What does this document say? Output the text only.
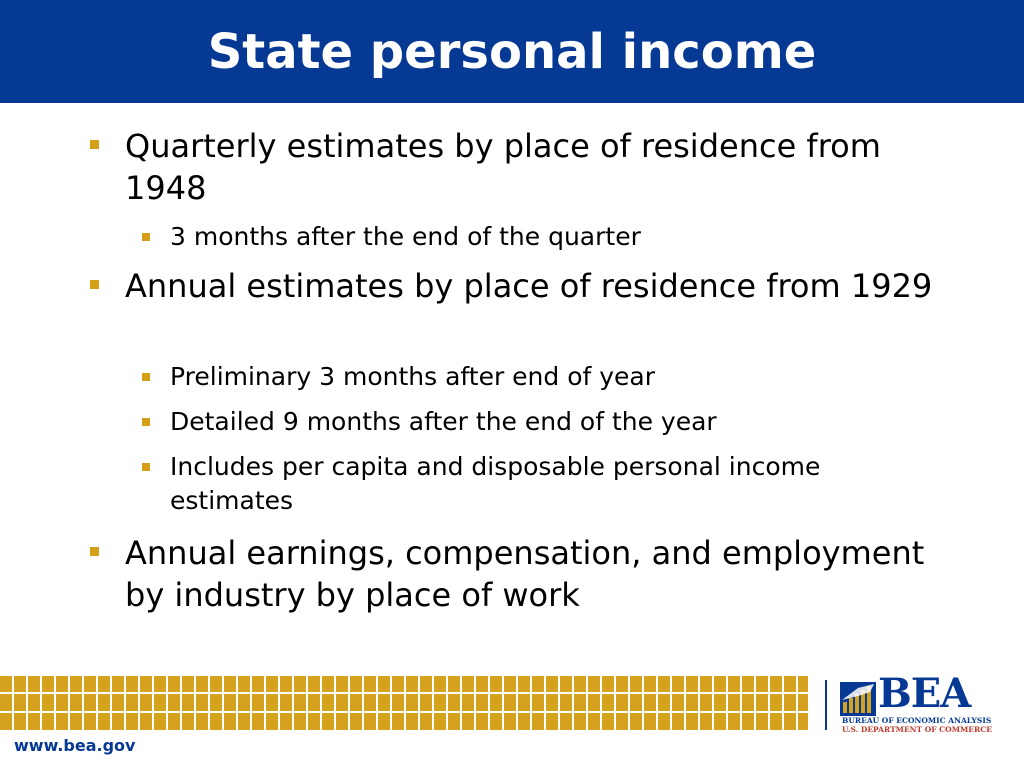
State personal income
Quarterly estimates by place of residence from 1948
3 months after the end of the quarter
Annual estimates by place of residence from 1929
Preliminary 3 months after end of year
Detailed 9 months after the end of the year
Includes per capita and disposable personal income estimates
Annual earnings, compensation, and employment by industry by place of work
BEA
BUREAU OF ECONOMIC ANALYSIS
U.S. DEPARTMENT OF COMMERCE
www.bea.gov
